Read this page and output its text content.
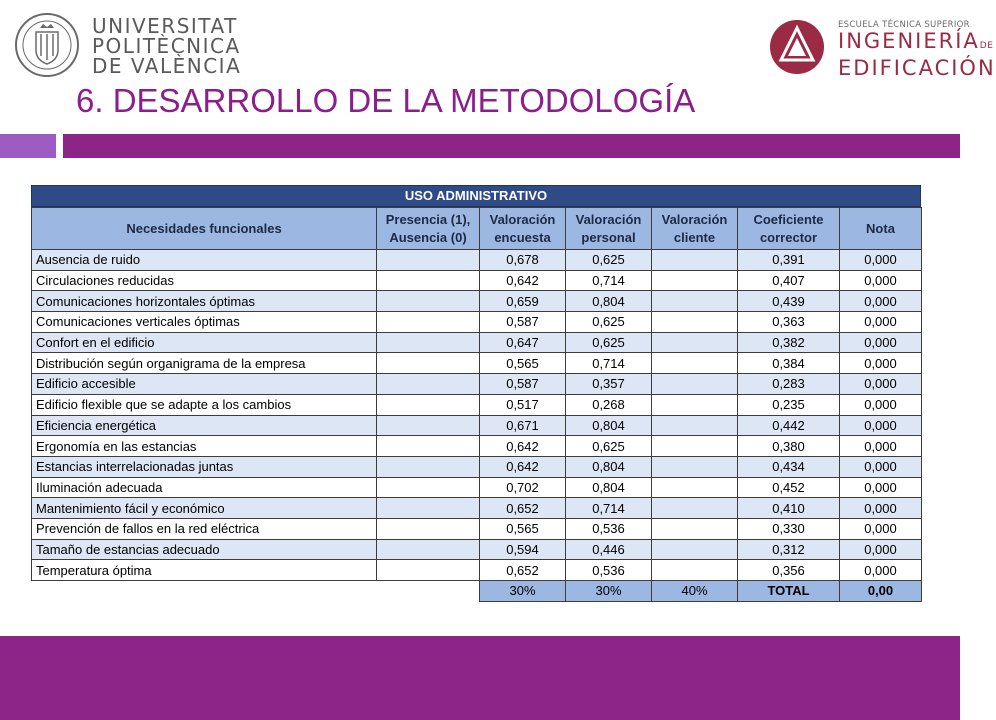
UNIVERSITAT
POLITÈCNICA
DE VALÈNCIA
ESCUELA TÉCNICA SUPERIOR
INGENIERÍADE
EDIFICACIÓN
6. DESARROLLO DE LA METODOLOGÍA
USO ADMINISTRATIVO
Necesidades funcionales	Presencia (1), Ausencia (0)	Valoración encuesta	Valoración personal	Valoración cliente	Coeficiente corrector	Nota
Ausencia de ruido		0,678	0,625		0,391	0,000
Circulaciones reducidas		0,642	0,714		0,407	0,000
Comunicaciones horizontales óptimas		0,659	0,804		0,439	0,000
Comunicaciones verticales óptimas		0,587	0,625		0,363	0,000
Confort en el edificio		0,647	0,625		0,382	0,000
Distribución según organigrama de la empresa		0,565	0,714		0,384	0,000
Edificio accesible		0,587	0,357		0,283	0,000
Edificio flexible que se adapte a los cambios		0,517	0,268		0,235	0,000
Eficiencia energética		0,671	0,804		0,442	0,000
Ergonomía en las estancias		0,642	0,625		0,380	0,000
Estancias interrelacionadas juntas		0,642	0,804		0,434	0,000
Iluminación adecuada		0,702	0,804		0,452	0,000
Mantenimiento fácil y económico		0,652	0,714		0,410	0,000
Prevención de fallos en la red eléctrica		0,565	0,536		0,330	0,000
Tamaño de estancias adecuado		0,594	0,446		0,312	0,000
Temperatura óptima		0,652	0,536		0,356	0,000
		30%	30%	40%	TOTAL	0,00
